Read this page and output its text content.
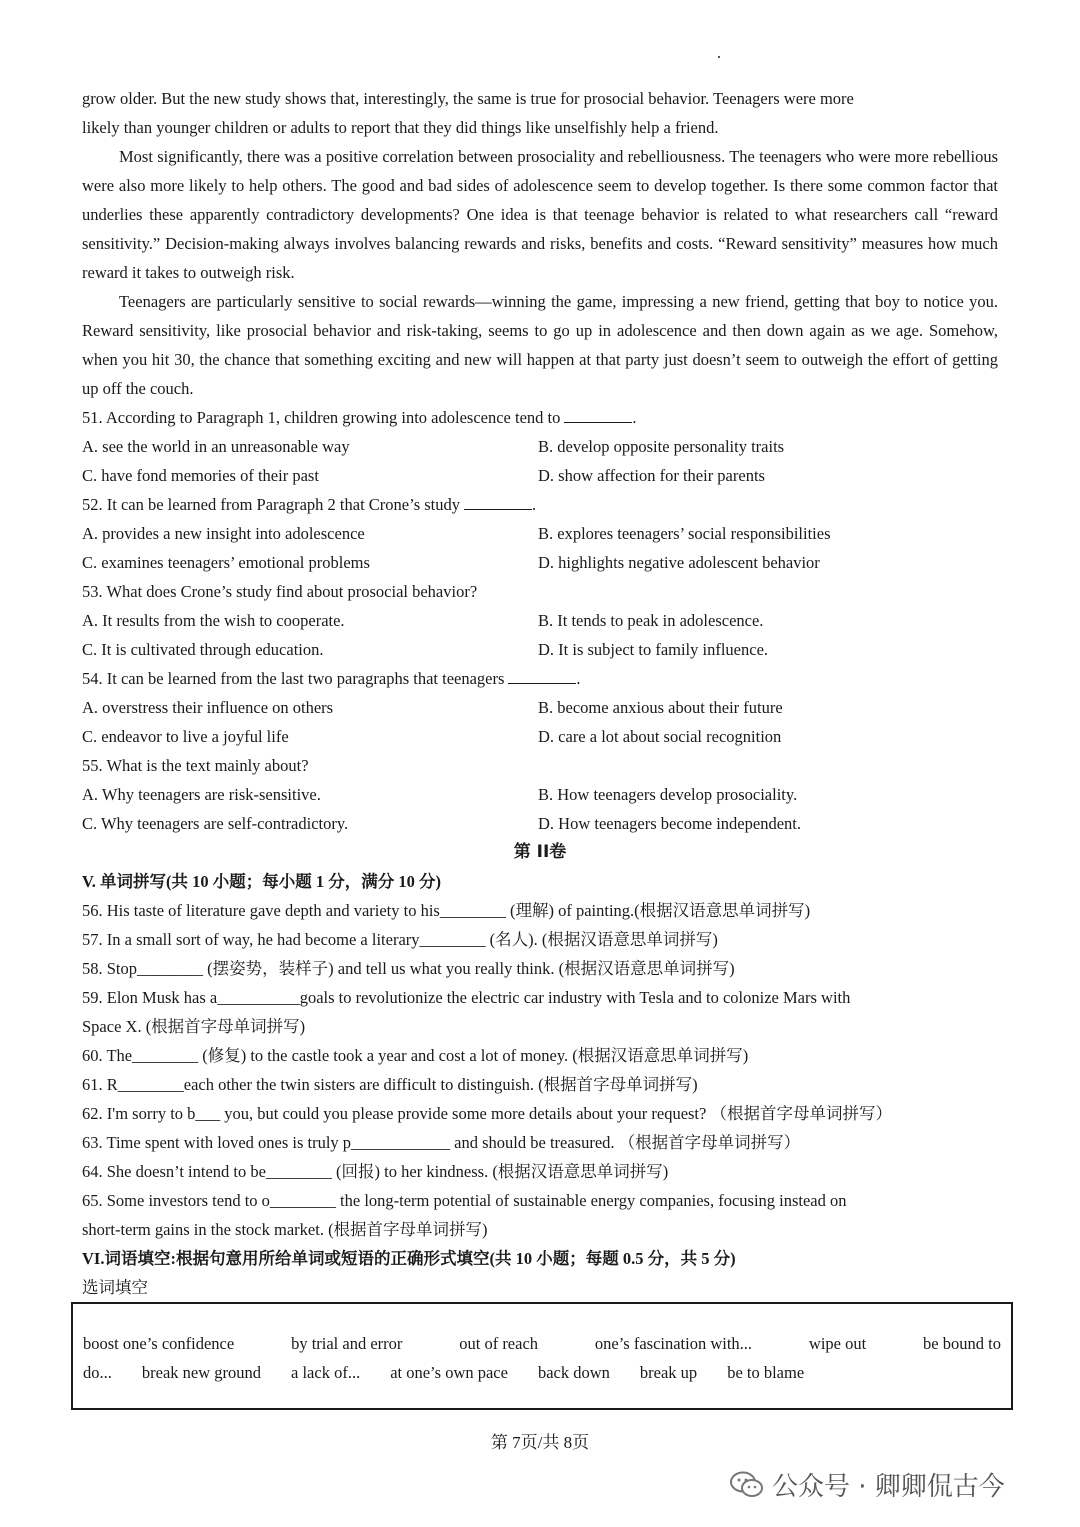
grow older. But the new study shows that, interestingly, the same is true for prosocial behavior. Teenagers were more
likely than younger children or adults to report that they did things like unselfishly help a friend.
Most significantly, there was a positive correlation between prosociality and rebelliousness. The teenagers who were more rebellious were also more likely to help others. The good and bad sides of adolescence seem to develop together. Is there some common factor that underlies these apparently contradictory developments? One idea is that teenage behavior is related to what researchers call “reward sensitivity.” Decision-making always involves balancing rewards and risks, benefits and costs. “Reward sensitivity” measures how much reward it takes to outweigh risk.
Teenagers are particularly sensitive to social rewards—winning the game, impressing a new friend, getting that boy to notice you. Reward sensitivity, like prosocial behavior and risk-taking, seems to go up in adolescence and then down again as we age. Somehow, when you hit 30, the chance that something exciting and new will happen at that party just doesn’t seem to outweigh the effort of getting up off the couch.
51. According to Paragraph 1, children growing into adolescence tend to	.
A. see the world in an unreasonable way	B. develop opposite personality traits
C. have fond memories of their past	D. show affection for their parents
52. It can be learned from Paragraph 2 that Crone’s study	.
A. provides a new insight into adolescence	B. explores teenagers’ social responsibilities
C. examines teenagers’ emotional problems	D. highlights negative adolescent behavior
53. What does Crone’s study find about prosocial behavior?
A. It results from the wish to cooperate.	B. It tends to peak in adolescence.
C. It is cultivated through education.	D. It is subject to family influence.
54. It can be learned from the last two paragraphs that teenagers	.
A. overstress their influence on others	B. become anxious about their future
C. endeavor to live a joyful life	D. care a lot about social recognition
55. What is the text mainly about?
A. Why teenagers are risk-sensitive.	B. How teenagers develop prosociality.
C. Why teenagers are self-contradictory.	D. How teenagers become independent.
第 II卷
V. 单词拼写(共 10 小题；每小题 1 分，满分 10 分)
56. His taste of literature gave depth and variety to his________ (理解) of painting.(根据汉语意思单词拼写)
57. In a small sort of way, he had become a literary________ (名人). (根据汉语意思单词拼写)
58. Stop________ (摆姿势，装样子) and tell us what you really think. (根据汉语意思单词拼写)
59. Elon Musk has a__________goals to revolutionize the electric car industry with Tesla and to colonize Mars with
Space X. (根据首字母单词拼写)
60. The________ (修复) to the castle took a year and cost a lot of money. (根据汉语意思单词拼写)
61. R________each other the twin sisters are difficult to distinguish. (根据首字母单词拼写)
62. I'm sorry to b___ you, but could you please provide some more details about your request? （根据首字母单词拼写）
63. Time spent with loved ones is truly p____________ and should be treasured. （根据首字母单词拼写）
64. She doesn’t intend to be________ (回报) to her kindness. (根据汉语意思单词拼写)
65. Some investors tend to o________ the long-term potential of sustainable energy companies, focusing instead on
short-term gains in the stock market. (根据首字母单词拼写)
VI.词语填空:根据句意用所给单词或短语的正确形式填空(共 10 小题；每题 0.5 分，共 5 分)
选词填空
boost one’s confidence	by trial and error	out of reach	one’s fascination with...	wipe out	be bound to
do... break new ground a lack of... at one’s own pace back down break up be to blame
第 7页/共 8页
公众号 · 卿卿侃古今
